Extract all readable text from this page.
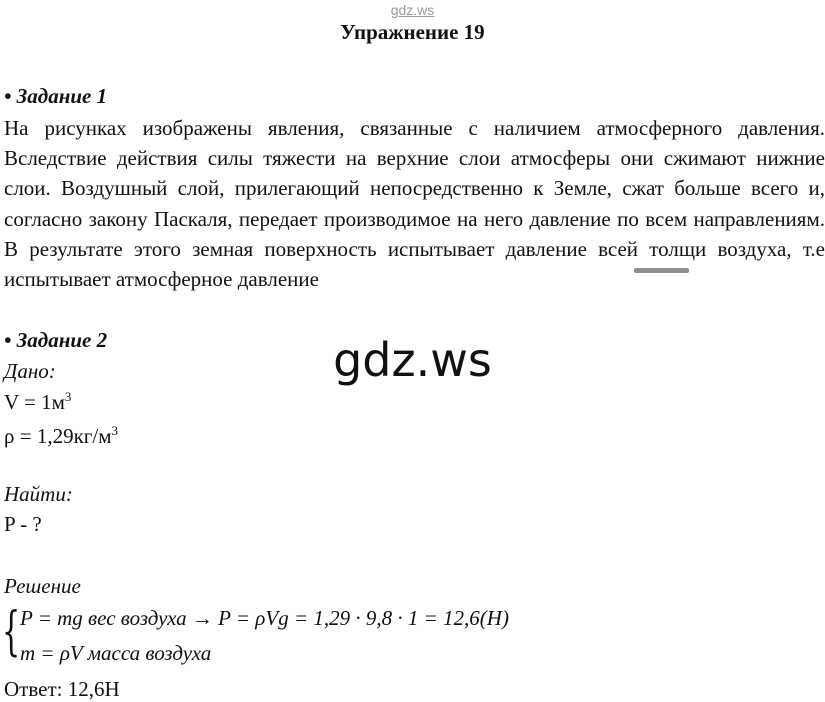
gdz.ws
Упражнение 19
• Задание 1
На рисунках изображены явления, связанные с наличием атмосферного давления. Вследствие действия силы тяжести на верхние слои атмосферы они сжимают нижние слои. Воздушный слой, прилегающий непосредственно к Земле, сжат больше всего и, согласно закону Паскаля, передает производимое на него давление по всем направлениям. В результате этого земная поверхность испытывает давление всей толщи воздуха, т.е испытывает атмосферное давление
gdz.ws
• Задание 2
Дано:
$V = 1м^3$
$\rho = 1,29кг/м^3$
Найти:
P - ?
Решение
{ P = mg вес воздуха → P = ρVg = 1,29 · 9,8 · 1 = 12,6(H)
m = ρV масса воздуха
Ответ: 12,6Н
